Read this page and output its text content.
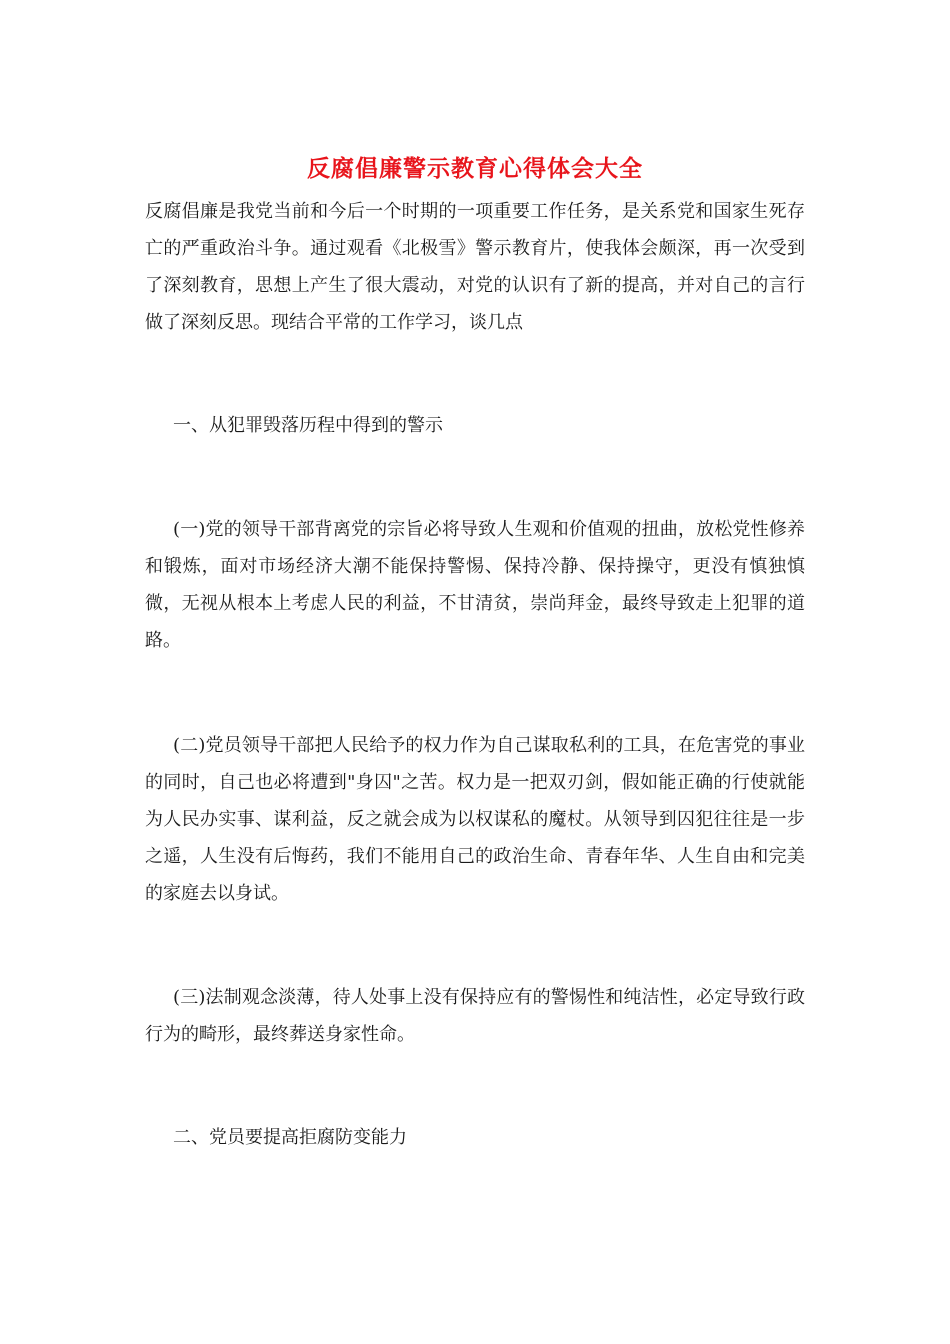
反腐倡廉警示教育心得体会大全

反腐倡廉是我党当前和今后一个时期的一项重要工作任务，是关系党和国家生死存亡的严重政治斗争。通过观看《北极雪》警示教育片，使我体会颇深，再一次受到了深刻教育，思想上产生了很大震动，对党的认识有了新的提高，并对自己的言行做了深刻反思。现结合平常的工作学习，谈几点

一、从犯罪毁落历程中得到的警示

(一)党的领导干部背离党的宗旨必将导致人生观和价值观的扭曲，放松党性修养和锻炼，面对市场经济大潮不能保持警惕、保持冷静、保持操守，更没有慎独慎微，无视从根本上考虑人民的利益，不甘清贫，崇尚拜金，最终导致走上犯罪的道路。

(二)党员领导干部把人民给予的权力作为自己谋取私利的工具，在危害党的事业的同时，自己也必将遭到"身囚"之苦。权力是一把双刃剑，假如能正确的行使就能为人民办实事、谋利益，反之就会成为以权谋私的魔杖。从领导到囚犯往往是一步之遥，人生没有后悔药，我们不能用自己的政治生命、青春年华、人生自由和完美的家庭去以身试。

(三)法制观念淡薄，待人处事上没有保持应有的警惕性和纯洁性，必定导致行政行为的畸形，最终葬送身家性命。

二、党员要提高拒腐防变能力
